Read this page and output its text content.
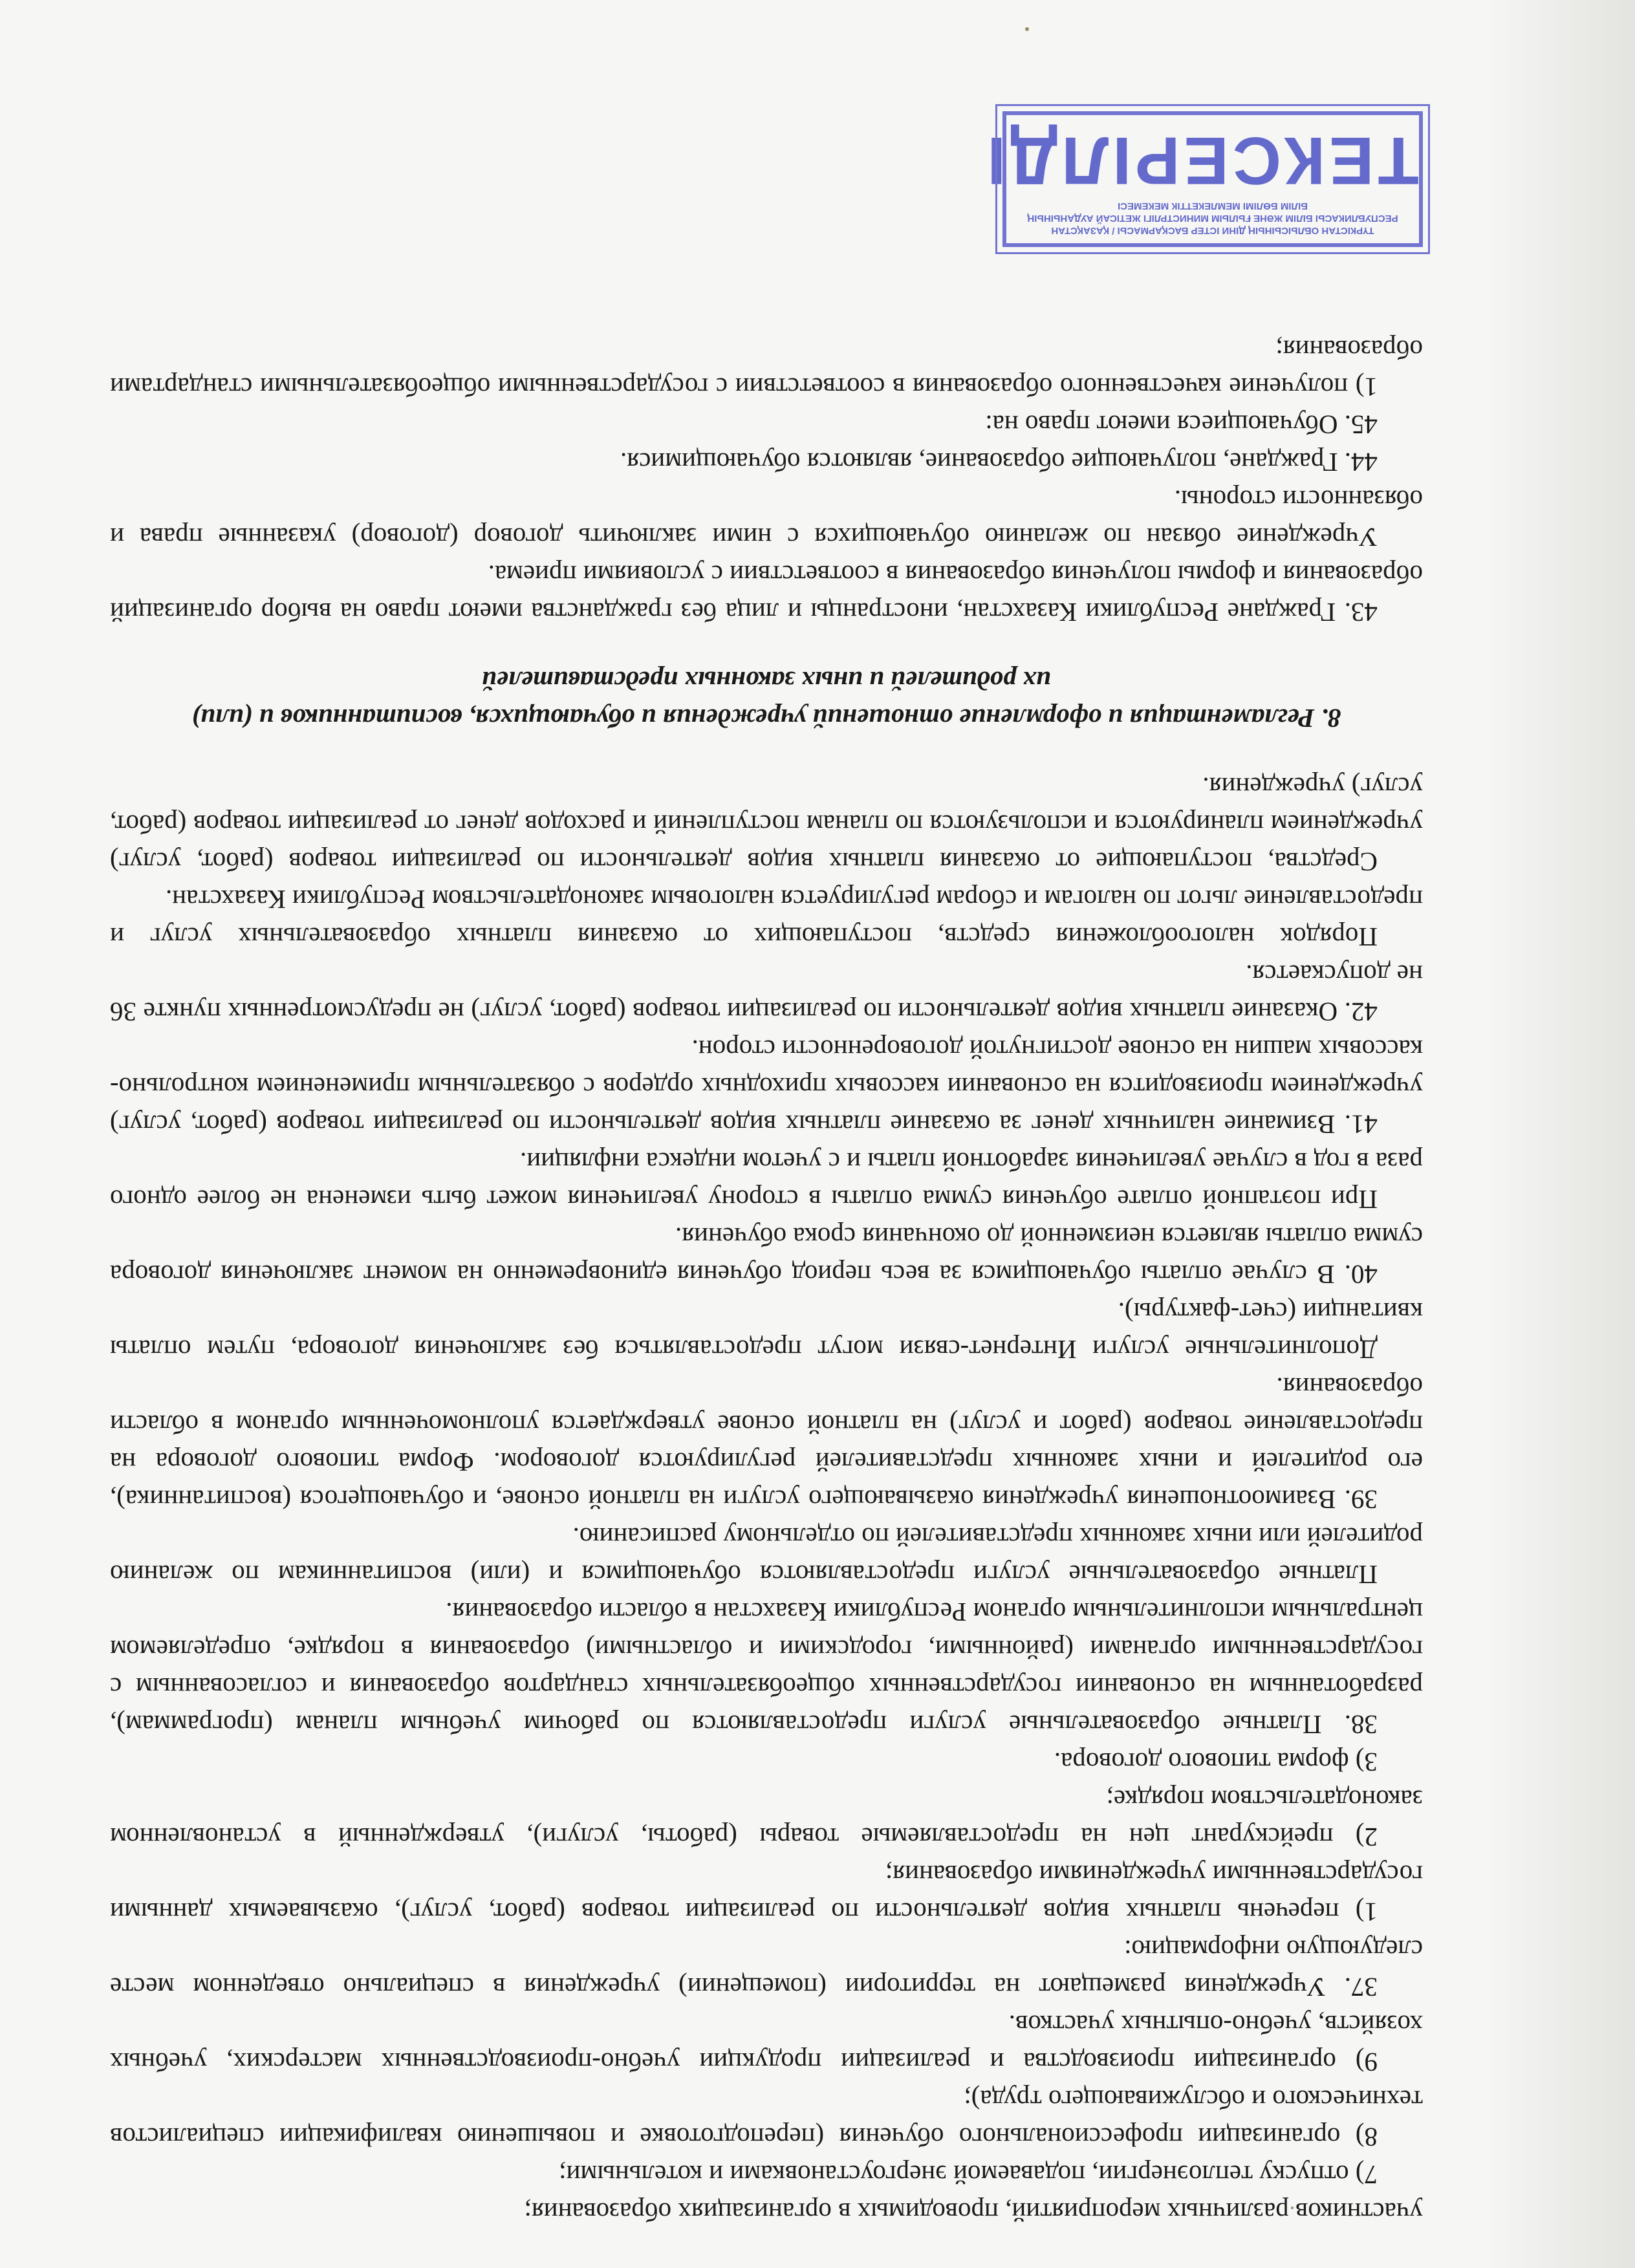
участников различных мероприятий, проводимых в организациях образования;

7) отпуску теплоэнергии, подаваемой энергоустановками и котельными;

8) организации профессионального обучения (переподготовке и повышению квалификации специалистов технического и обслуживающего труда);

9) организации производства и реализации продукции учебно-производственных мастерских, учебных хозяйств, учебно-опытных участков.

37. Учреждения размещают на территории (помещении) учреждения в специально отведенном месте следующую информацию:

1) перечень платных видов деятельности по реализации товаров (работ, услуг), оказываемых данными государственными учреждениями образования;

2) прейскурант цен на предоставляемые товары (работы, услуги), утвержденный в установленном законодательством порядке;

3) форма типового договора.

38. Платные образовательные услуги предоставляются по рабочим учебным планам (программам), разработанным на основании государственных общеобязательных стандартов образования и согласованным с государственными органами (районными, городскими и областными) образования в порядке, определяемом центральным исполнительным органом Республики Казахстан в области образования.

Платные образовательные услуги предоставляются обучающимся и (или) воспитанникам по желанию родителей или иных законных представителей по отдельному расписанию.

39. Взаимоотношения учреждения оказывающего услуги на платной основе, и обучающегося (воспитанника), его родителей и иных законных представителей регулируются договором. Форма типового договора на предоставление товаров (работ и услуг) на платной основе утверждается уполномоченным органом в области образования.

Дополнительные услуги Интернет-связи могут предоставляться без заключения договора, путем оплаты квитанции (счет-фактуры).

40. В случае оплаты обучающимся за весь период обучения единовременно на момент заключения договора сумма оплаты является неизменной до окончания срока обучения.

При поэтапной оплате обучения сумма оплаты в сторону увеличения может быть изменена не более одного раза в год в случае увеличения заработной платы и с учетом индекса инфляции.

41. Взимание наличных денег за оказание платных видов деятельности по реализации товаров (работ, услуг) учреждением производится на основании кассовых приходных ордеров с обязательным применением контрольно-кассовых машин на основе достигнутой договоренности сторон.

42. Оказание платных видов деятельности по реализации товаров (работ, услуг) не предусмотренных пункте 36 не допускается.

Порядок налогообложения средств, поступающих от оказания платных образовательных услуг и предоставление льгот по налогам и сборам регулируется налоговым законодательством Республики Казахстан.

Средства, поступающие от оказания платных видов деятельности по реализации товаров (работ, услуг) учреждением планируются и используются по планам поступлений и расходов денег от реализации товаров (работ, услуг) учреждения.

8. Регламентация и оформление отношений учреждения и обучающихся, воспитанников и (или) их родителей и иных законных представителей

43. Граждане Республики Казахстан, иностранцы и лица без гражданства имеют право на выбор организаций образования и формы получения образования в соответствии с условиями приема.

Учреждение обязан по желанию обучающихся с ними заключить договор (договор) указанные права и обязанности стороны.

44. Граждане, получающие образование, являются обучающимися.

45. Обучающиеся имеют право на:

1) получение качественного образования в соответствии с государственными общеобязательными стандартами образования;

ТҮРКІСТАН ОБЛЫСЫНЫҢ ДІНИ ІСТЕР БАСҚАРМАСЫ / ҚАЗАҚСТАН РЕСПУБЛИКАСЫ БІЛІМ ЖӘНЕ ҒЫЛЫМ МИНИСТРЛІГІ ЖЕТІСАЙ АУДАНЫНЫҢ БІЛІМ БӨЛІМІ МЕМЛЕКЕТТІК МЕКЕМЕСІ
ТЕКСЕРІЛДІ
